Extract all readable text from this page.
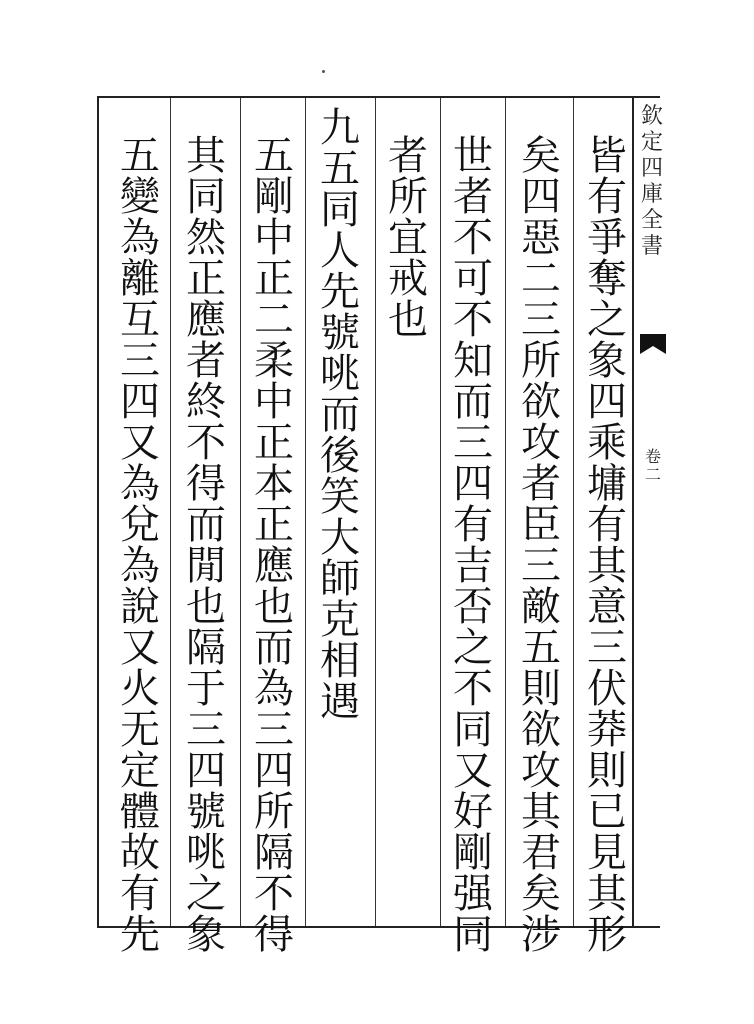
欽
定
四
庫
全
書
卷
二
皆
有
爭
奪
之
象
四
乘
墉
有
其
意
三
伏
莽
則
已
見
其
形
矣
四
惡
二
三
所
欲
攻
者
臣
三
敵
五
則
欲
攻
其
君
矣
涉
世
者
不
可
不
知
而
三
四
有
吉
否
之
不
同
又
好
剛
强
同
者
所
宜
戒
也
九
五
同
人
先
號
咷
而
後
笑
大
師
克
相
遇
五
剛
中
正
二
柔
中
正
本
正
應
也
而
為
三
四
所
隔
不
得
其
同
然
正
應
者
終
不
得
而
閒
也
隔
于
三
四
號
咷
之
象
五
變
為
離
互
三
四
又
為
兌
為
說
又
火
无
定
體
故
有
先
